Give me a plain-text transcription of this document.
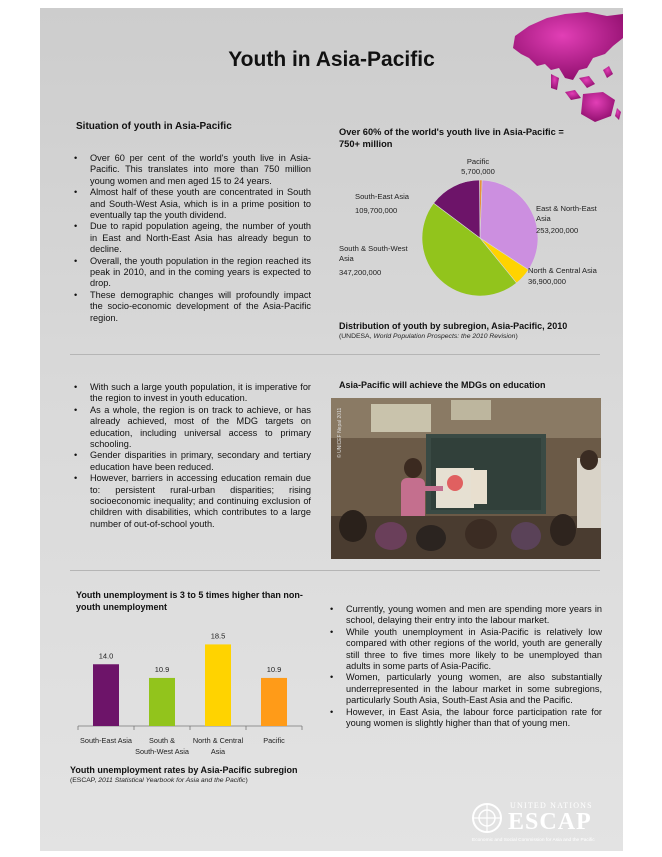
Youth in Asia-Pacific
Situation of youth in Asia-Pacific
• Over 60 per cent of the world's youth live in Asia-Pacific. This translates into more than 750 million young women and men aged 15 to 24 years.
• Almost half of these youth are concentrated in South and South-West Asia, which is in a prime position to eventually tap the youth dividend.
• Due to rapid population ageing, the number of youth in East and North-East Asia has already begun to decline.
• Overall, the youth population in the region reached its peak in 2010, and in the coming years is expected to drop.
• These demographic changes will profoundly impact the socio-economic development of the Asia-Pacific region.
Over 60% of the world's youth live in Asia-Pacific = 750+ million
Pacific
5,700,000
East & North-East Asia
253,200,000
North & Central Asia
36,900,000
South & South-West Asia
347,200,000
South-East Asia
109,700,000
Distribution of youth by subregion, Asia-Pacific, 2010
(UNDESA, World Population Prospects: the 2010 Revision)
• With such a large youth population, it is imperative for the region to invest in youth education.
• As a whole, the region is on track to achieve, or has already achieved, most of the MDG targets on education, including universal access to primary schooling.
• Gender disparities in primary, secondary and tertiary education have been reduced.
• However, barriers in accessing education remain due to: persistent rural-urban disparities; rising socioeconomic inequality; and continuing exclusion of children with disabilities, which contributes to a large number of out-of-school youth.
Asia-Pacific will achieve the MDGs on education
© UNICEF Nepal 2011
Youth unemployment is 3 to 5 times higher than non-youth unemployment
14.0
South-East Asia
10.9
South & South-West Asia
18.5
North & Central Asia
10.9
Pacific
Youth unemployment rates by Asia-Pacific subregion
(ESCAP, 2011 Statistical Yearbook for Asia and the Pacific)
• Currently, young women and men are spending more years in school, delaying their entry into the labour market.
• While youth unemployment in Asia-Pacific is relatively low compared with other regions of the world, youth are generally still three to five times more likely to be unemployed than adults in some parts of Asia-Pacific.
• Women, particularly young women, are also substantially underrepresented in the labour market in some subregions, particularly South Asia, South-East Asia and the Pacific.
• However, in East Asia, the labour force participation rate for young women is slightly higher than that of young men.
UNITED NATIONS
ESCAP
Economic and Social Commission for Asia and the Pacific
